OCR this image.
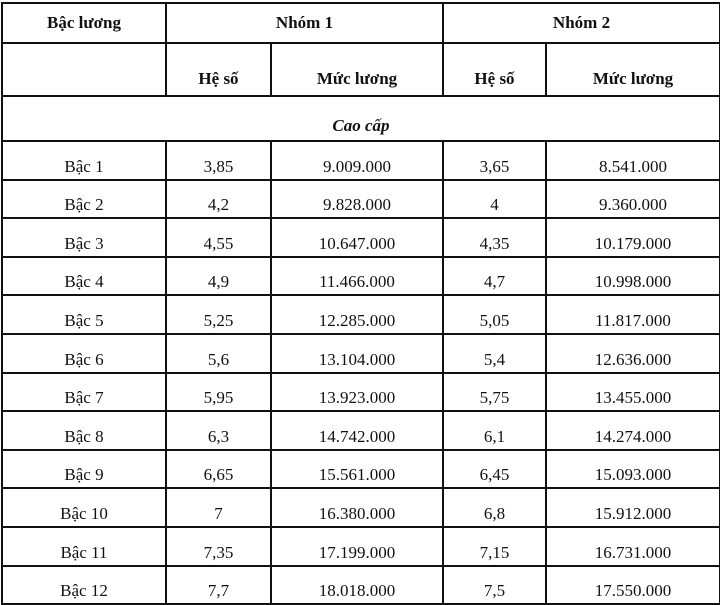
Bậc lương	Nhóm 1		Nhóm 2	
	Hệ số	Mức lương	Hệ số	Mức lương
Cao cấp				
Bậc 1	3,85	9.009.000	3,65	8.541.000
Bậc 2	4,2	9.828.000	4	9.360.000
Bậc 3	4,55	10.647.000	4,35	10.179.000
Bậc 4	4,9	11.466.000	4,7	10.998.000
Bậc 5	5,25	12.285.000	5,05	11.817.000
Bậc 6	5,6	13.104.000	5,4	12.636.000
Bậc 7	5,95	13.923.000	5,75	13.455.000
Bậc 8	6,3	14.742.000	6,1	14.274.000
Bậc 9	6,65	15.561.000	6,45	15.093.000
Bậc 10	7	16.380.000	6,8	15.912.000
Bậc 11	7,35	17.199.000	7,15	16.731.000
Bậc 12	7,7	18.018.000	7,5	17.550.000
